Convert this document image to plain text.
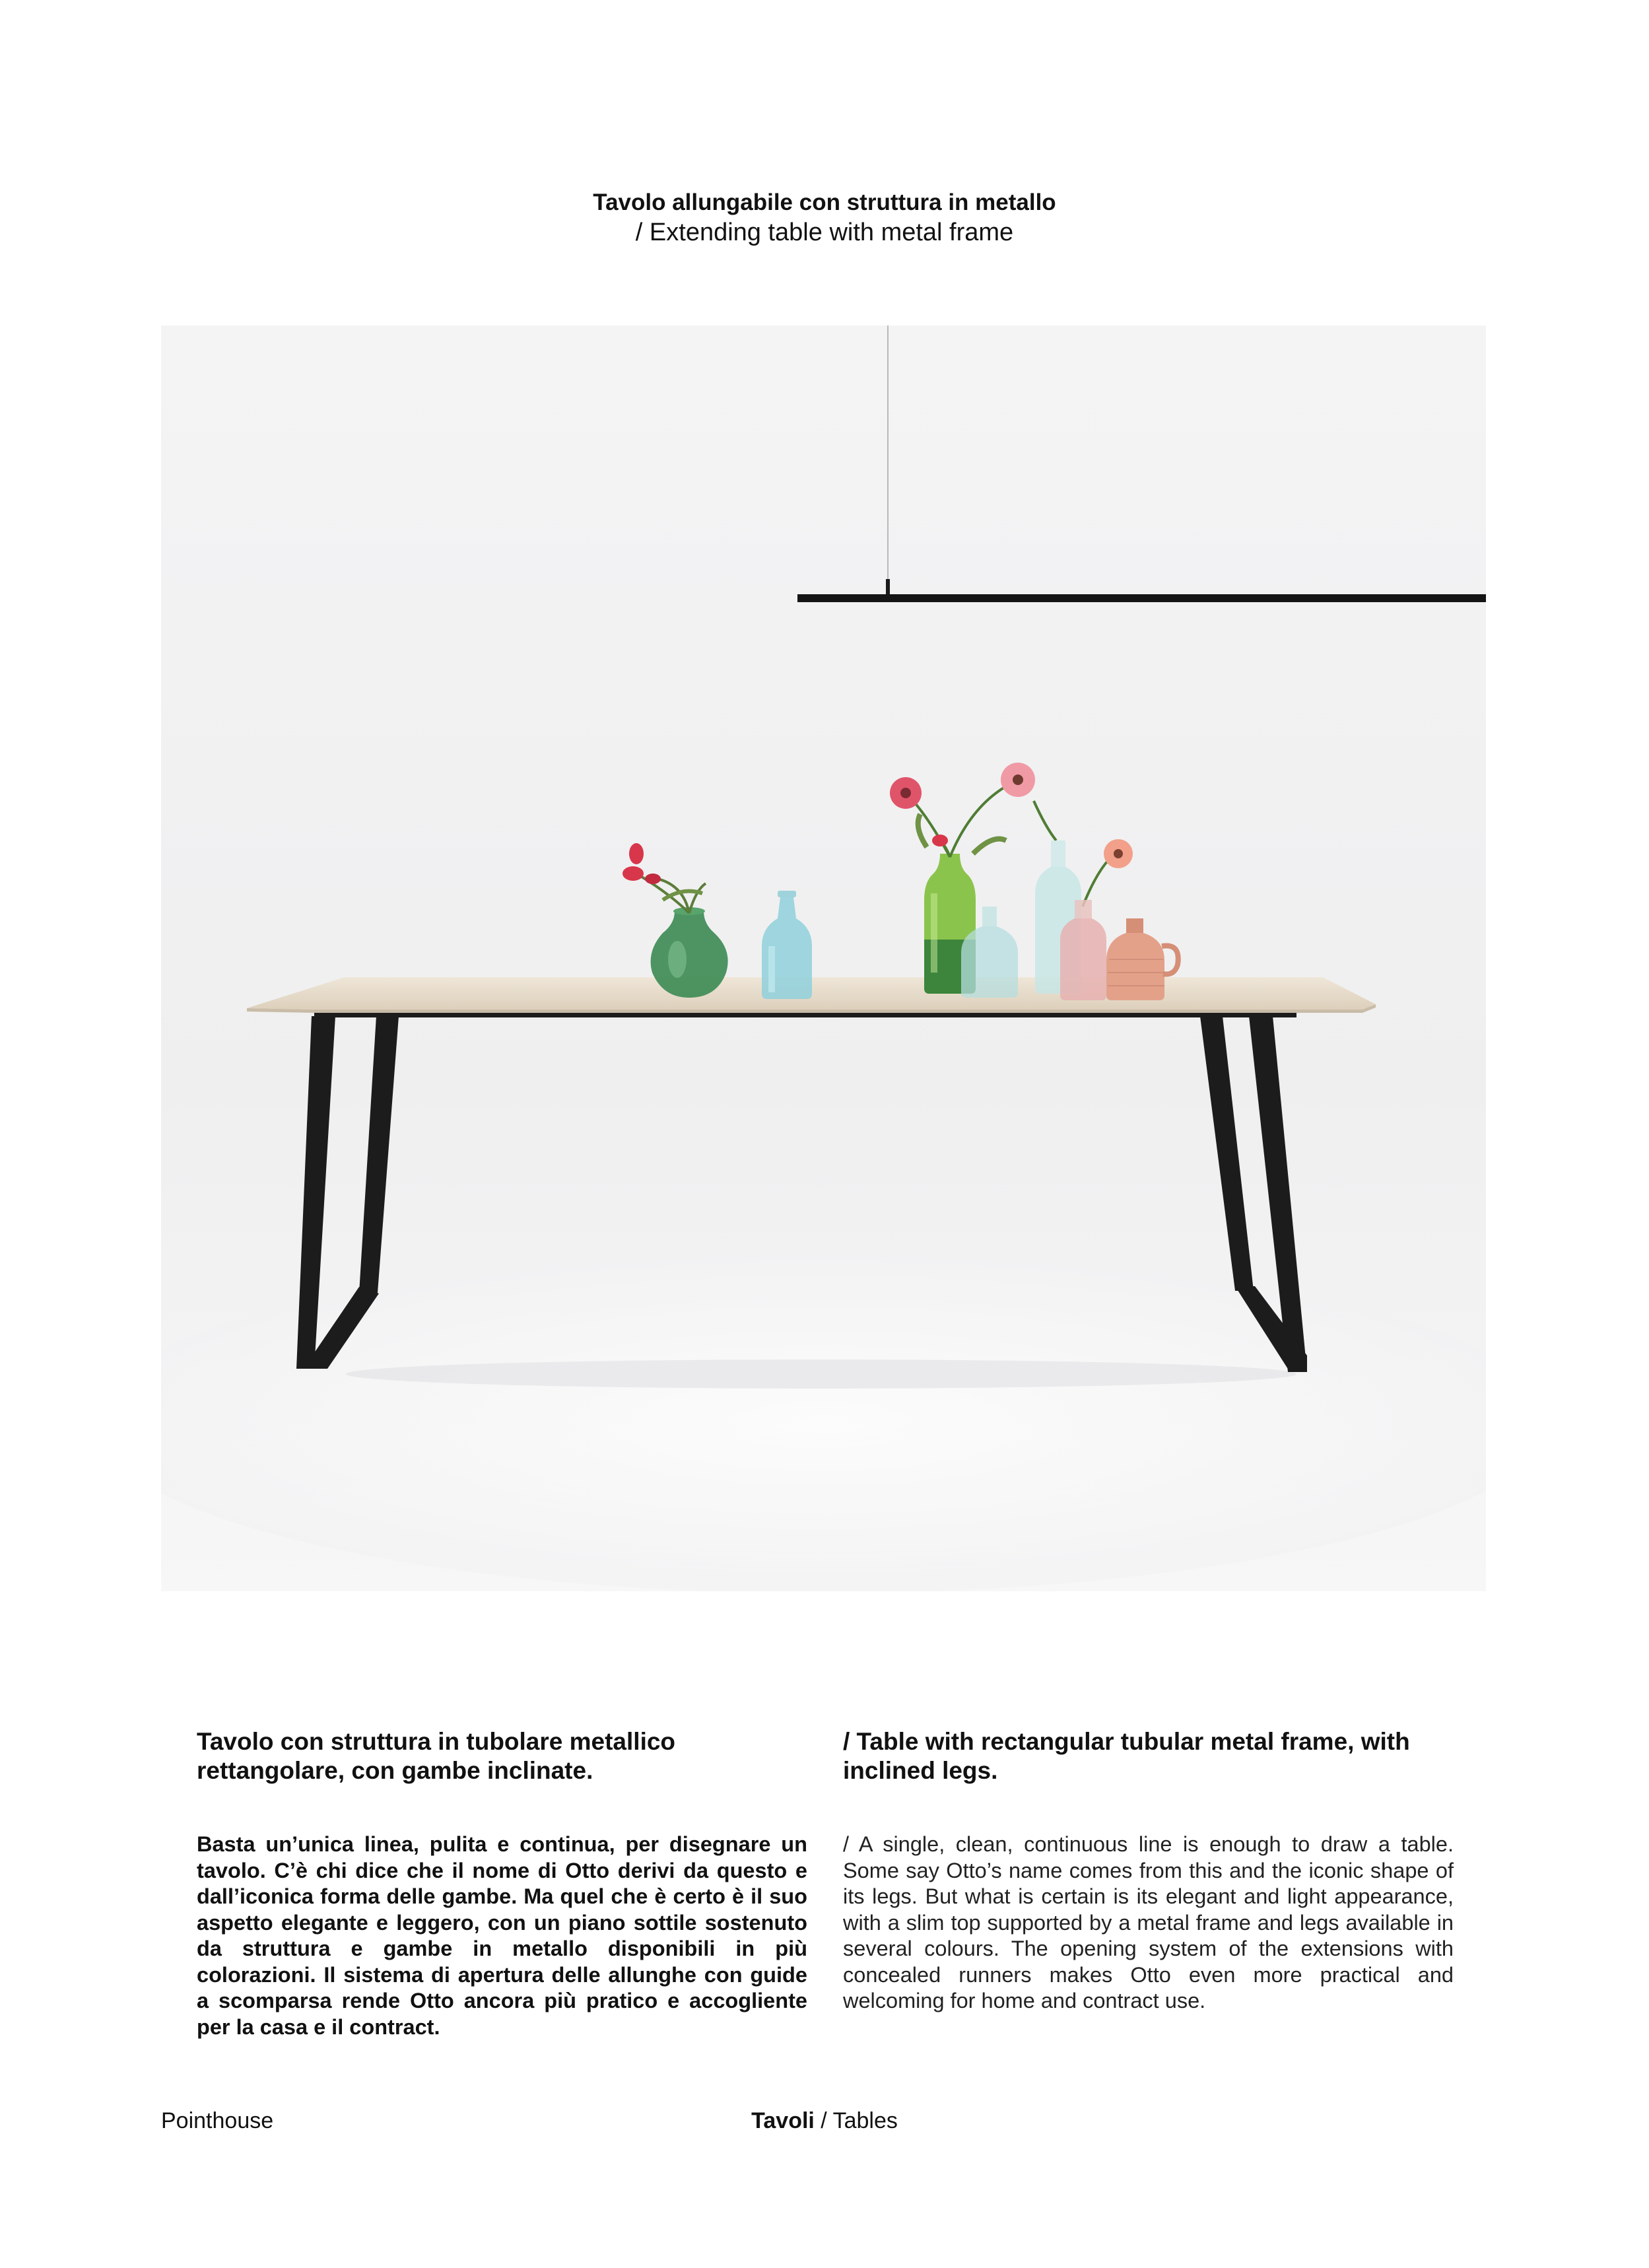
Tavolo allungabile con struttura in metallo
/ Extending table with metal frame

Tavolo con struttura in tubolare metallico rettangolare, con gambe inclinate.

Basta un’unica linea, pulita e continua, per disegnare un tavolo. C’è chi dice che il nome di Otto derivi da questo e dall’iconica forma delle gambe. Ma quel che è certo è il suo aspetto elegante e leggero, con un piano sottile sostenuto da struttura e gambe in metallo disponibili in più colorazioni. Il sistema di apertura delle allunghe con guide a scomparsa rende Otto ancora più pratico e accogliente per la casa e il contract.

/ Table with rectangular tubular metal frame, with inclined legs.

/ A single, clean, continuous line is enough to draw a table. Some say Otto’s name comes from this and the iconic shape of its legs. But what is certain is its elegant and light appearance, with a slim top supported by a metal frame and legs available in several colours. The opening system of the extensions with concealed runners makes Otto even more practical and welcoming for home and contract use.

Pointhouse	Tavoli / Tables
